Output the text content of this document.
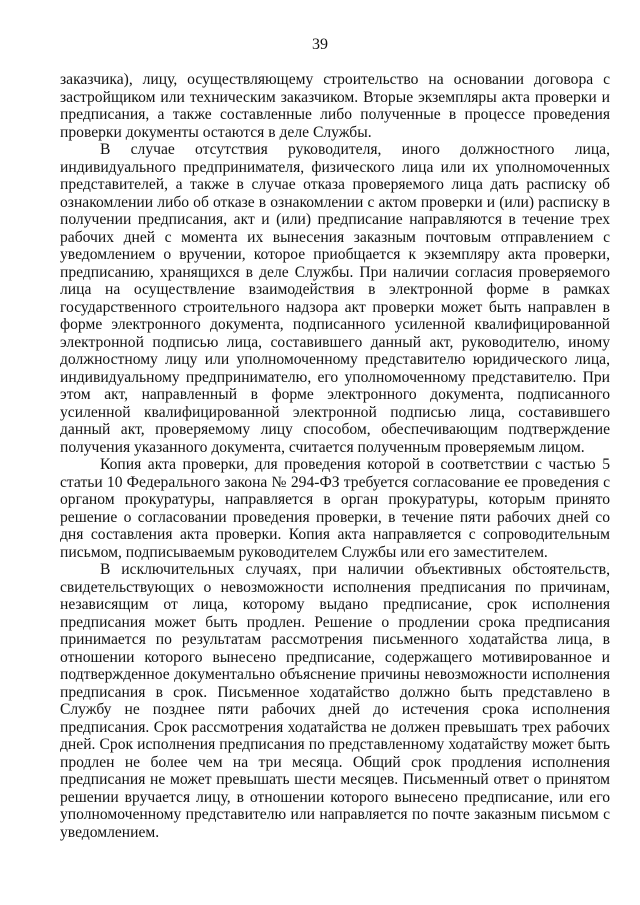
39

заказчика), лицу, осуществляющему строительство на основании договора с застройщиком или техническим заказчиком. Вторые экземпляры акта проверки и предписания, а также составленные либо полученные в процессе проведения проверки документы остаются в деле Службы.

В случае отсутствия руководителя, иного должностного лица, индивидуального предпринимателя, физического лица или их уполномоченных представителей, а также в случае отказа проверяемого лица дать расписку об ознакомлении либо об отказе в ознакомлении с актом проверки и (или) расписку в получении предписания, акт и (или) предписание направляются в течение трех рабочих дней с момента их вынесения заказным почтовым отправлением с уведомлением о вручении, которое приобщается к экземпляру акта проверки, предписанию, хранящихся в деле Службы. При наличии согласия проверяемого лица на осуществление взаимодействия в электронной форме в рамках государственного строительного надзора акт проверки может быть направлен в форме электронного документа, подписанного усиленной квалифицированной электронной подписью лица, составившего данный акт, руководителю, иному должностному лицу или уполномоченному представителю юридического лица, индивидуальному предпринимателю, его уполномоченному представителю. При этом акт, направленный в форме электронного документа, подписанного усиленной квалифицированной электронной подписью лица, составившего данный акт, проверяемому лицу способом, обеспечивающим подтверждение получения указанного документа, считается полученным проверяемым лицом.

Копия акта проверки, для проведения которой в соответствии с частью 5 статьи 10 Федерального закона № 294-ФЗ требуется согласование ее проведения с органом прокуратуры, направляется в орган прокуратуры, которым принято решение о согласовании проведения проверки, в течение пяти рабочих дней со дня составления акта проверки. Копия акта направляется с сопроводительным письмом, подписываемым руководителем Службы или его заместителем.

В исключительных случаях, при наличии объективных обстоятельств, свидетельствующих о невозможности исполнения предписания по причинам, независящим от лица, которому выдано предписание, срок исполнения предписания может быть продлен. Решение о продлении срока предписания принимается по результатам рассмотрения письменного ходатайства лица, в отношении которого вынесено предписание, содержащего мотивированное и подтвержденное документально объяснение причины невозможности исполнения предписания в срок. Письменное ходатайство должно быть представлено в Службу не позднее пяти рабочих дней до истечения срока исполнения предписания. Срок рассмотрения ходатайства не должен превышать трех рабочих дней. Срок исполнения предписания по представленному ходатайству может быть продлен не более чем на три месяца. Общий срок продления исполнения предписания не может превышать шести месяцев. Письменный ответ о принятом решении вручается лицу, в отношении которого вынесено предписание, или его уполномоченному представителю или направляется по почте заказным письмом с уведомлением.
